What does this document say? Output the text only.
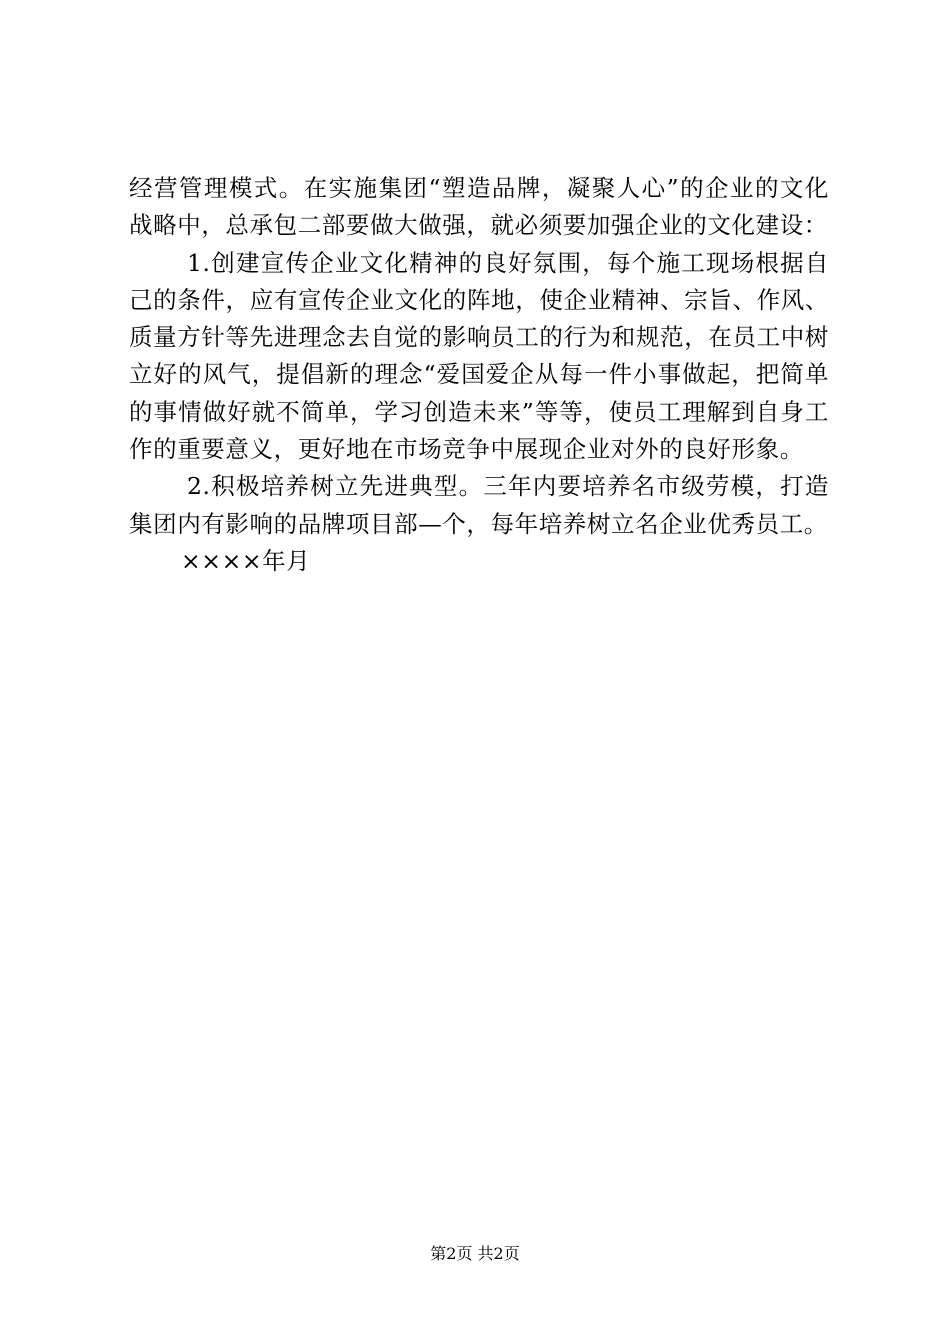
经营管理模式。在实施集团“塑造品牌，凝聚人心”的企业的文化战略中，总承包二部要做大做强，就必须要加强企业的文化建设：

1.创建宣传企业文化精神的良好氛围，每个施工现场根据自己的条件，应有宣传企业文化的阵地，使企业精神、宗旨、作风、质量方针等先进理念去自觉的影响员工的行为和规范，在员工中树立好的风气，提倡新的理念“爱国爱企从每一件小事做起，把简单的事情做好就不简单，学习创造未来”等等，使员工理解到自身工作的重要意义，更好地在市场竞争中展现企业对外的良好形象。

2.积极培养树立先进典型。三年内要培养名市级劳模，打造集团内有影响的品牌项目部—个，每年培养树立名企业优秀员工。

××××年月

第2页 共2页
